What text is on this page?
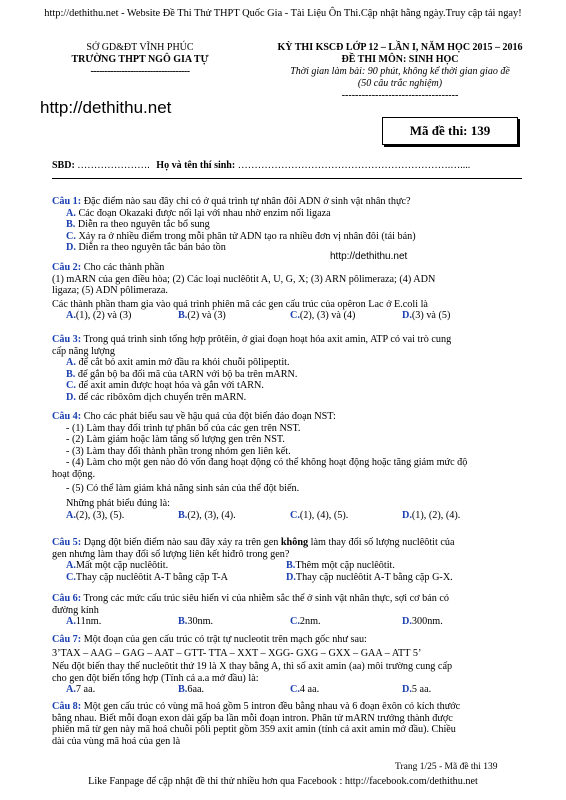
http://dethithu.net - Website Đề Thi Thử THPT Quốc Gia - Tài Liệu Ôn Thi.Cập nhật hằng ngày.Truy cập tải ngay!
SỞ GD&ĐT VĨNH PHÚC
TRƯỜNG THPT NGÔ GIA TỰ
-----------------------------------
KỲ THI KSCĐ LỚP 12 – LẦN I, NĂM HỌC 2015 – 2016
ĐỀ THI MÔN: SINH HỌC
Thời gian làm bài: 90 phút, không kể thời gian giao đề
(50 câu trắc nghiệm)
-----------------------------------
http://dethithu.net
Mã đề thi: 139
SBD: …………………. Họ và tên thí sinh: ……………………………………………………….…....
http://dethithu.net
Câu 1: Đặc điểm nào sau đây chỉ có ở quá trình tự nhân đôi ADN ở sinh vật nhân thực?
A. Các đoạn Okazaki được nối lại với nhau nhờ enzim nối ligaza
B. Diễn ra theo nguyên tắc bổ sung
C. Xảy ra ở nhiều điểm trong mỗi phân tử ADN tạo ra nhiều đơn vị nhân đôi (tái bản)
D. Diễn ra theo nguyên tắc bán bảo tồn
Câu 2: Cho các thành phần
(1) mARN của gen điều hòa; (2) Các loại nuclêôtit A, U, G, X; (3) ARN pôlimeraza; (4) ADN
ligaza; (5) ADN pôlimeraza.
Các thành phần tham gia vào quá trình phiên mã các gen cấu trúc của opêron Lac ở E.coli là
A.(1), (2) và (3)	B.(2) và (3)	C.(2), (3) và (4)	D.(3) và (5)
Câu 3: Trong quá trình sinh tổng hợp prôtêin, ở giai đoạn hoạt hóa axit amin, ATP có vai trò cung
cấp năng lượng
A. để cắt bỏ axit amin mở đầu ra khỏi chuỗi pôlipeptit.
B. để gắn bộ ba đối mã của tARN với bộ ba trên mARN.
C. để axit amin được hoạt hóa và gắn với tARN.
D. để các ribôxôm dịch chuyển trên mARN.
Câu 4: Cho các phát biểu sau về hậu quả của đột biến đảo đoạn NST:
- (1) Làm thay đổi trình tự phân bố của các gen trên NST.
- (2) Làm giảm hoặc làm tăng số lượng gen trên NST.
- (3) Làm thay đổi thành phần trong nhóm gen liên kết.
- (4) Làm cho một gen nào đó vốn đang hoạt động có thể không hoạt động hoặc tăng giảm mức độ
hoạt động.
- (5) Có thể làm giảm khả năng sinh sản của thể đột biến.
Những phát biểu đúng là:
A.(2), (3), (5).	B.(2), (3), (4).	C.(1), (4), (5).	D.(1), (2), (4).
Câu 5: Dạng đột biến điểm nào sau đây xảy ra trên gen không làm thay đổi số lượng nuclêôtit của
gen nhưng làm thay đổi số lượng liên kết hiđrô trong gen?
A.Mất một cặp nuclêôtit.	B.Thêm một cặp nuclêôtit.
C.Thay cặp nuclêôtit A-T bằng cặp T-A	D.Thay cặp nuclêôtit A-T bằng cặp G-X.
Câu 6: Trong các mức cấu trúc siêu hiển vi của nhiễm sắc thể ở sinh vật nhân thực, sợi cơ bản có
đường kính
A.11nm.	B.30nm.	C.2nm.	D.300nm.
Câu 7: Một đoạn của gen cấu trúc có trật tự nucleotit trên mạch gốc như sau:
3’TAX – AAG – GAG – AAT – GTT- TTA – XXT – XGG- GXG – GXX – GAA – ATT 5’
Nếu đột biến thay thế nucleôtit thứ 19 là X thay bằng A, thì số axit amin (aa) môi trường cung cấp
cho gen đột biến tổng hợp (Tính cả a.a mở đầu) là:
A.7 aa.	B.6aa.	C.4 aa.	D.5 aa.
Câu 8: Một gen cấu trúc có vùng mã hoá gồm 5 intron đều bằng nhau và 6 đoạn êxôn có kích thước
bằng nhau. Biết mỗi đoạn exon dài gấp ba lần mỗi đoạn intron. Phân tử mARN trưởng thành được
phiên mã từ gen này mã hoá chuỗi pôli peptit gồm 359 axit amin (tính cả axit amin mở đầu). Chiều
dài của vùng mã hoá của gen là
Trang 1/25 - Mã đề thi 139
Like Fanpage để cập nhật đề thi thử nhiều hơn qua Facebook : http://facebook.com/dethithu.net
